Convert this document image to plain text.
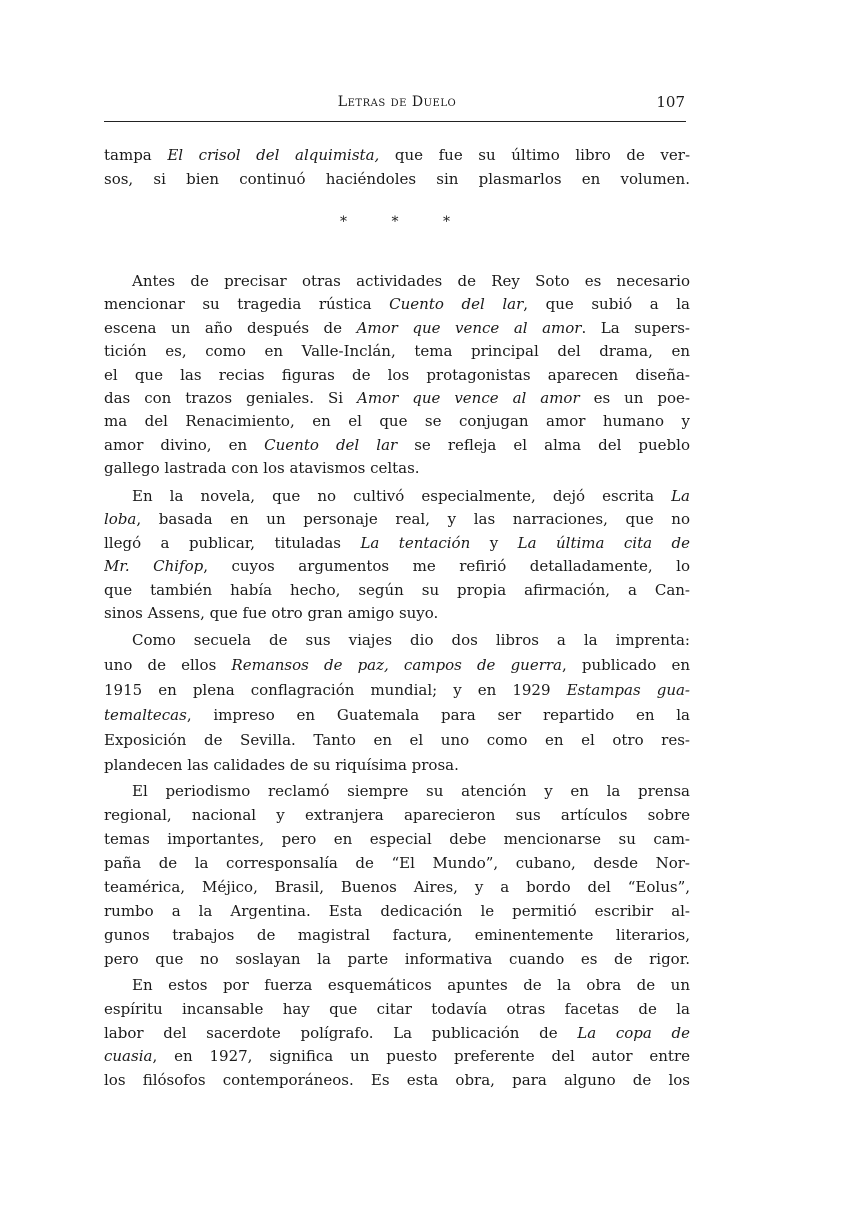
Letras de Duelo	107
*	*	*
tampa El crisol del alquimista, que fue su último libro de ver-
sos, si bien continuó haciéndoles sin plasmarlos en volumen.
Antes de precisar otras actividades de Rey Soto es necesario
mencionar su tragedia rústica Cuento del lar, que subió a la
escena un año después de Amor que vence al amor. La supers-
tición es, como en Valle-Inclán, tema principal del drama, en
el que las recias figuras de los protagonistas aparecen diseña-
das con trazos geniales. Si Amor que vence al amor es un poe-
ma del Renacimiento, en el que se conjugan amor humano y
amor divino, en Cuento del lar se refleja el alma del pueblo
gallego lastrada con los atavismos celtas.
En la novela, que no cultivó especialmente, dejó escrita La
loba, basada en un personaje real, y las narraciones, que no
llegó a publicar, tituladas La tentación y La última cita de
Mr. Chifop, cuyos argumentos me refirió detalladamente, lo
que también había hecho, según su propia afirmación, a Can-
sinos Assens, que fue otro gran amigo suyo.
Como secuela de sus viajes dio dos libros a la imprenta:
uno de ellos Remansos de paz, campos de guerra, publicado en
1915 en plena conflagración mundial; y en 1929 Estampas gua-
temaltecas, impreso en Guatemala para ser repartido en la
Exposición de Sevilla. Tanto en el uno como en el otro res-
plandecen las calidades de su riquísima prosa.
El periodismo reclamó siempre su atención y en la prensa
regional, nacional y extranjera aparecieron sus artículos sobre
temas importantes, pero en especial debe mencionarse su cam-
paña de la corresponsalía de “El Mundo”, cubano, desde Nor-
teamérica, Méjico, Brasil, Buenos Aires, y a bordo del “Eolus”,
rumbo a la Argentina. Esta dedicación le permitió escribir al-
gunos trabajos de magistral factura, eminentemente literarios,
pero que no soslayan la parte informativa cuando es de rigor.
En estos por fuerza esquemáticos apuntes de la obra de un
espíritu incansable hay que citar todavía otras facetas de la
labor del sacerdote polígrafo. La publicación de La copa de
cuasia, en 1927, significa un puesto preferente del autor entre
los filósofos contemporáneos. Es esta obra, para alguno de los
